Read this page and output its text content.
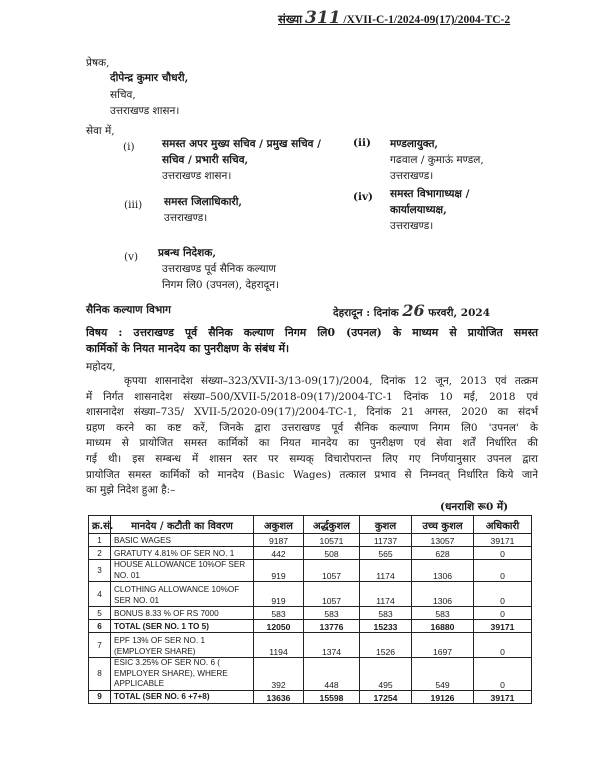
संख्या 311 /XVII-C-1/2024-09(17)/2004-TC-2
प्रेषक,
दीपेन्द्र कुमार चौधरी,
सचिव,
उत्तराखण्ड शासन।
सेवा में,
(i)	समस्त अपर मुख्य सचिव / प्रमुख सचिव /
सचिव / प्रभारी सचिव,
उत्तराखण्ड शासन।
(ii) मण्डलायुक्त,
गढवाल / कुमाऊं मण्डल,
उत्तराखण्ड।
(iii) समस्त जिलाधिकारी,
उत्तराखण्ड।
(iv) समस्त विभागाध्यक्ष /
कार्यालयाध्यक्ष,
उत्तराखण्ड।
(v) प्रबन्ध निदेशक,
उत्तराखण्ड पूर्व सैनिक कल्याण
निगम लि0 (उपनल), देहरादून।
सैनिक कल्याण विभाग	देहरादून : दिनांक 26 फरवरी, 2024
विषय : उत्तराखण्ड पूर्व सैनिक कल्याण निगम लि0 (उपनल) के माध्यम से प्रायोजित समस्त
कार्मिकों के नियत मानदेय का पुनरीक्षण के संबंध में।
महोदय,
कृपया शासनादेश संख्या–323/XVII-3/13-09(17)/2004, दिनांक 12 जून, 2013 एवं तत्क्रम
में निर्गत शासनादेश संख्या–500/XVII-5/2018-09(17)/2004-TC-1 दिनांक 10 मई, 2018 एवं
शासनादेश संख्या–735/ XVII-5/2020-09(17)/2004-TC-1, दिनांक 21 अगस्त, 2020 का संदर्भ
ग्रहण करने का कष्ट करें, जिनके द्वारा उत्तराखण्ड पूर्व सैनिक कल्याण निगम लि0 'उपनल' के
माध्यम से प्रायोजित समस्त कार्मिकों का नियत मानदेय का पुनरीक्षण एवं सेवा शर्तें निर्धारित की
गई थी। इस सम्बन्ध में शासन स्तर पर सम्यक् विचारोपरान्त लिए गए निर्णयानुसार उपनल द्वारा
प्रायोजित समस्त कार्मिकों को मानदेय (Basic Wages) तत्काल प्रभाव से निम्नवत् निर्धारित किये जाने
का मुझे निदेश हुआ है:–
(धनराशि रू0 में)
क्र.सं.	मानदेय / कटौती का विवरण	अकुशल	अर्द्धकुशल	कुशल	उच्च कुशल	अधिकारी
1	BASIC WAGES	9187	10571	11737	13057	39171
2	GRATUTY 4.81% OF SER NO. 1	442	508	565	628	0
3	HOUSE ALLOWANCE 10%OF SER NO. 01	919	1057	1174	1306	0
4	CLOTHING ALLOWANCE 10%OF SER NO. 01	919	1057	1174	1306	0
5	BONUS 8.33 % OF RS 7000	583	583	583	583	0
6	TOTAL (SER NO. 1 TO 5)	12050	13776	15233	16880	39171
7	EPF 13% OF SER NO. 1 (EMPLOYER SHARE)	1194	1374	1526	1697	0
8	ESIC 3.25% OF SER NO. 6 ( EMPLOYER SHARE), WHERE APPLICABLE	392	448	495	549	0
9	TOTAL (SER NO. 6 +7+8)	13636	15598	17254	19126	39171
